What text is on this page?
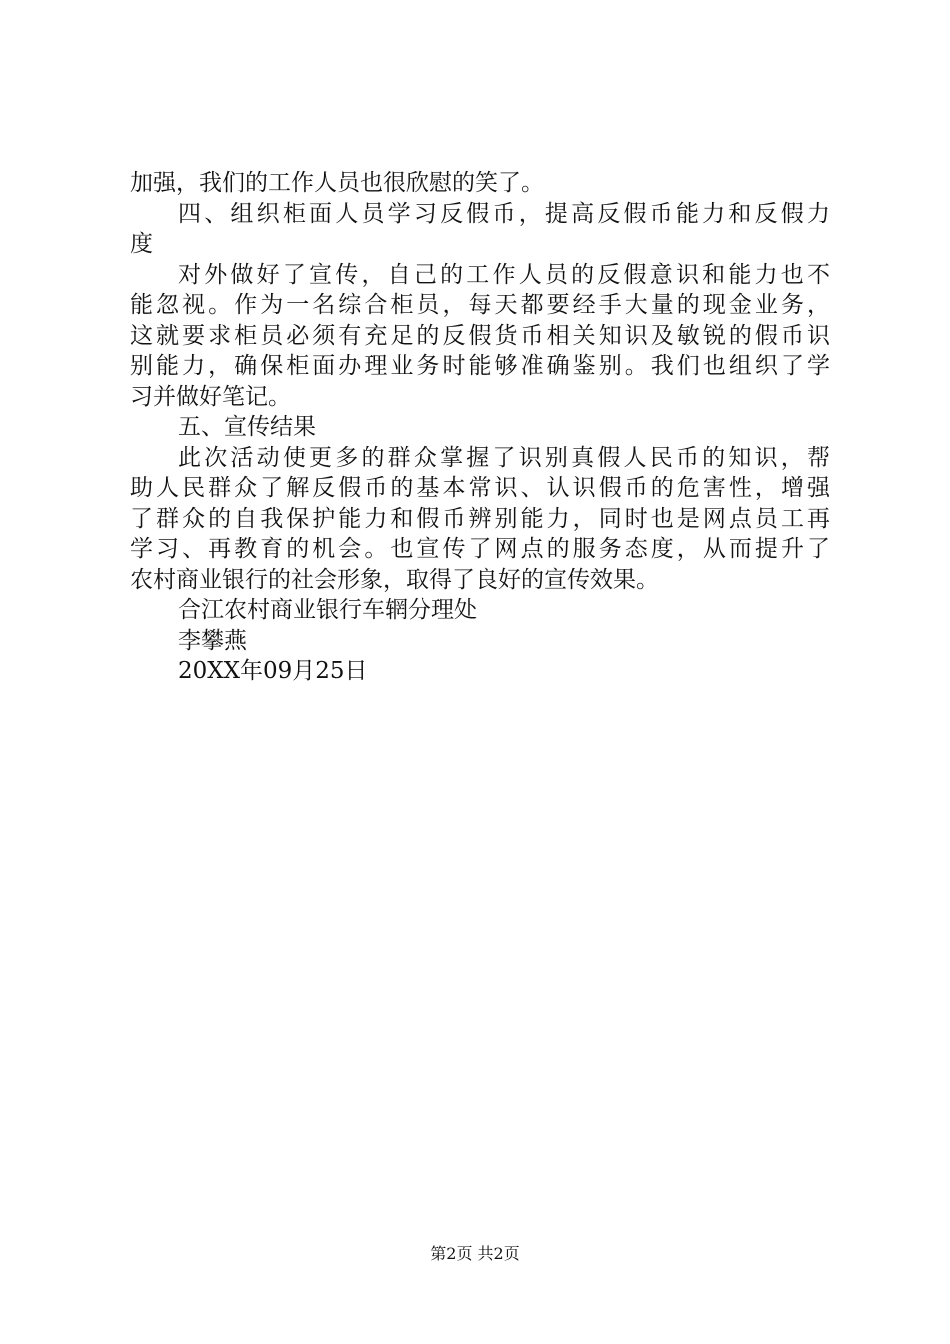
加强，我们的工作人员也很欣慰的笑了。
四、组织柜面人员学习反假币，提高反假币能力和反假力
度
对外做好了宣传，自己的工作人员的反假意识和能力也不
能忽视。作为一名综合柜员，每天都要经手大量的现金业务，
这就要求柜员必须有充足的反假货币相关知识及敏锐的假币识
别能力，确保柜面办理业务时能够准确鉴别。我们也组织了学
习并做好笔记。
五、宣传结果
此次活动使更多的群众掌握了识别真假人民币的知识，帮
助人民群众了解反假币的基本常识、认识假币的危害性，增强
了群众的自我保护能力和假币辨别能力，同时也是网点员工再
学习、再教育的机会。也宣传了网点的服务态度，从而提升了
农村商业银行的社会形象，取得了良好的宣传效果。
合江农村商业银行车辋分理处
李攀燕
20XX年09月25日
第2页 共2页
